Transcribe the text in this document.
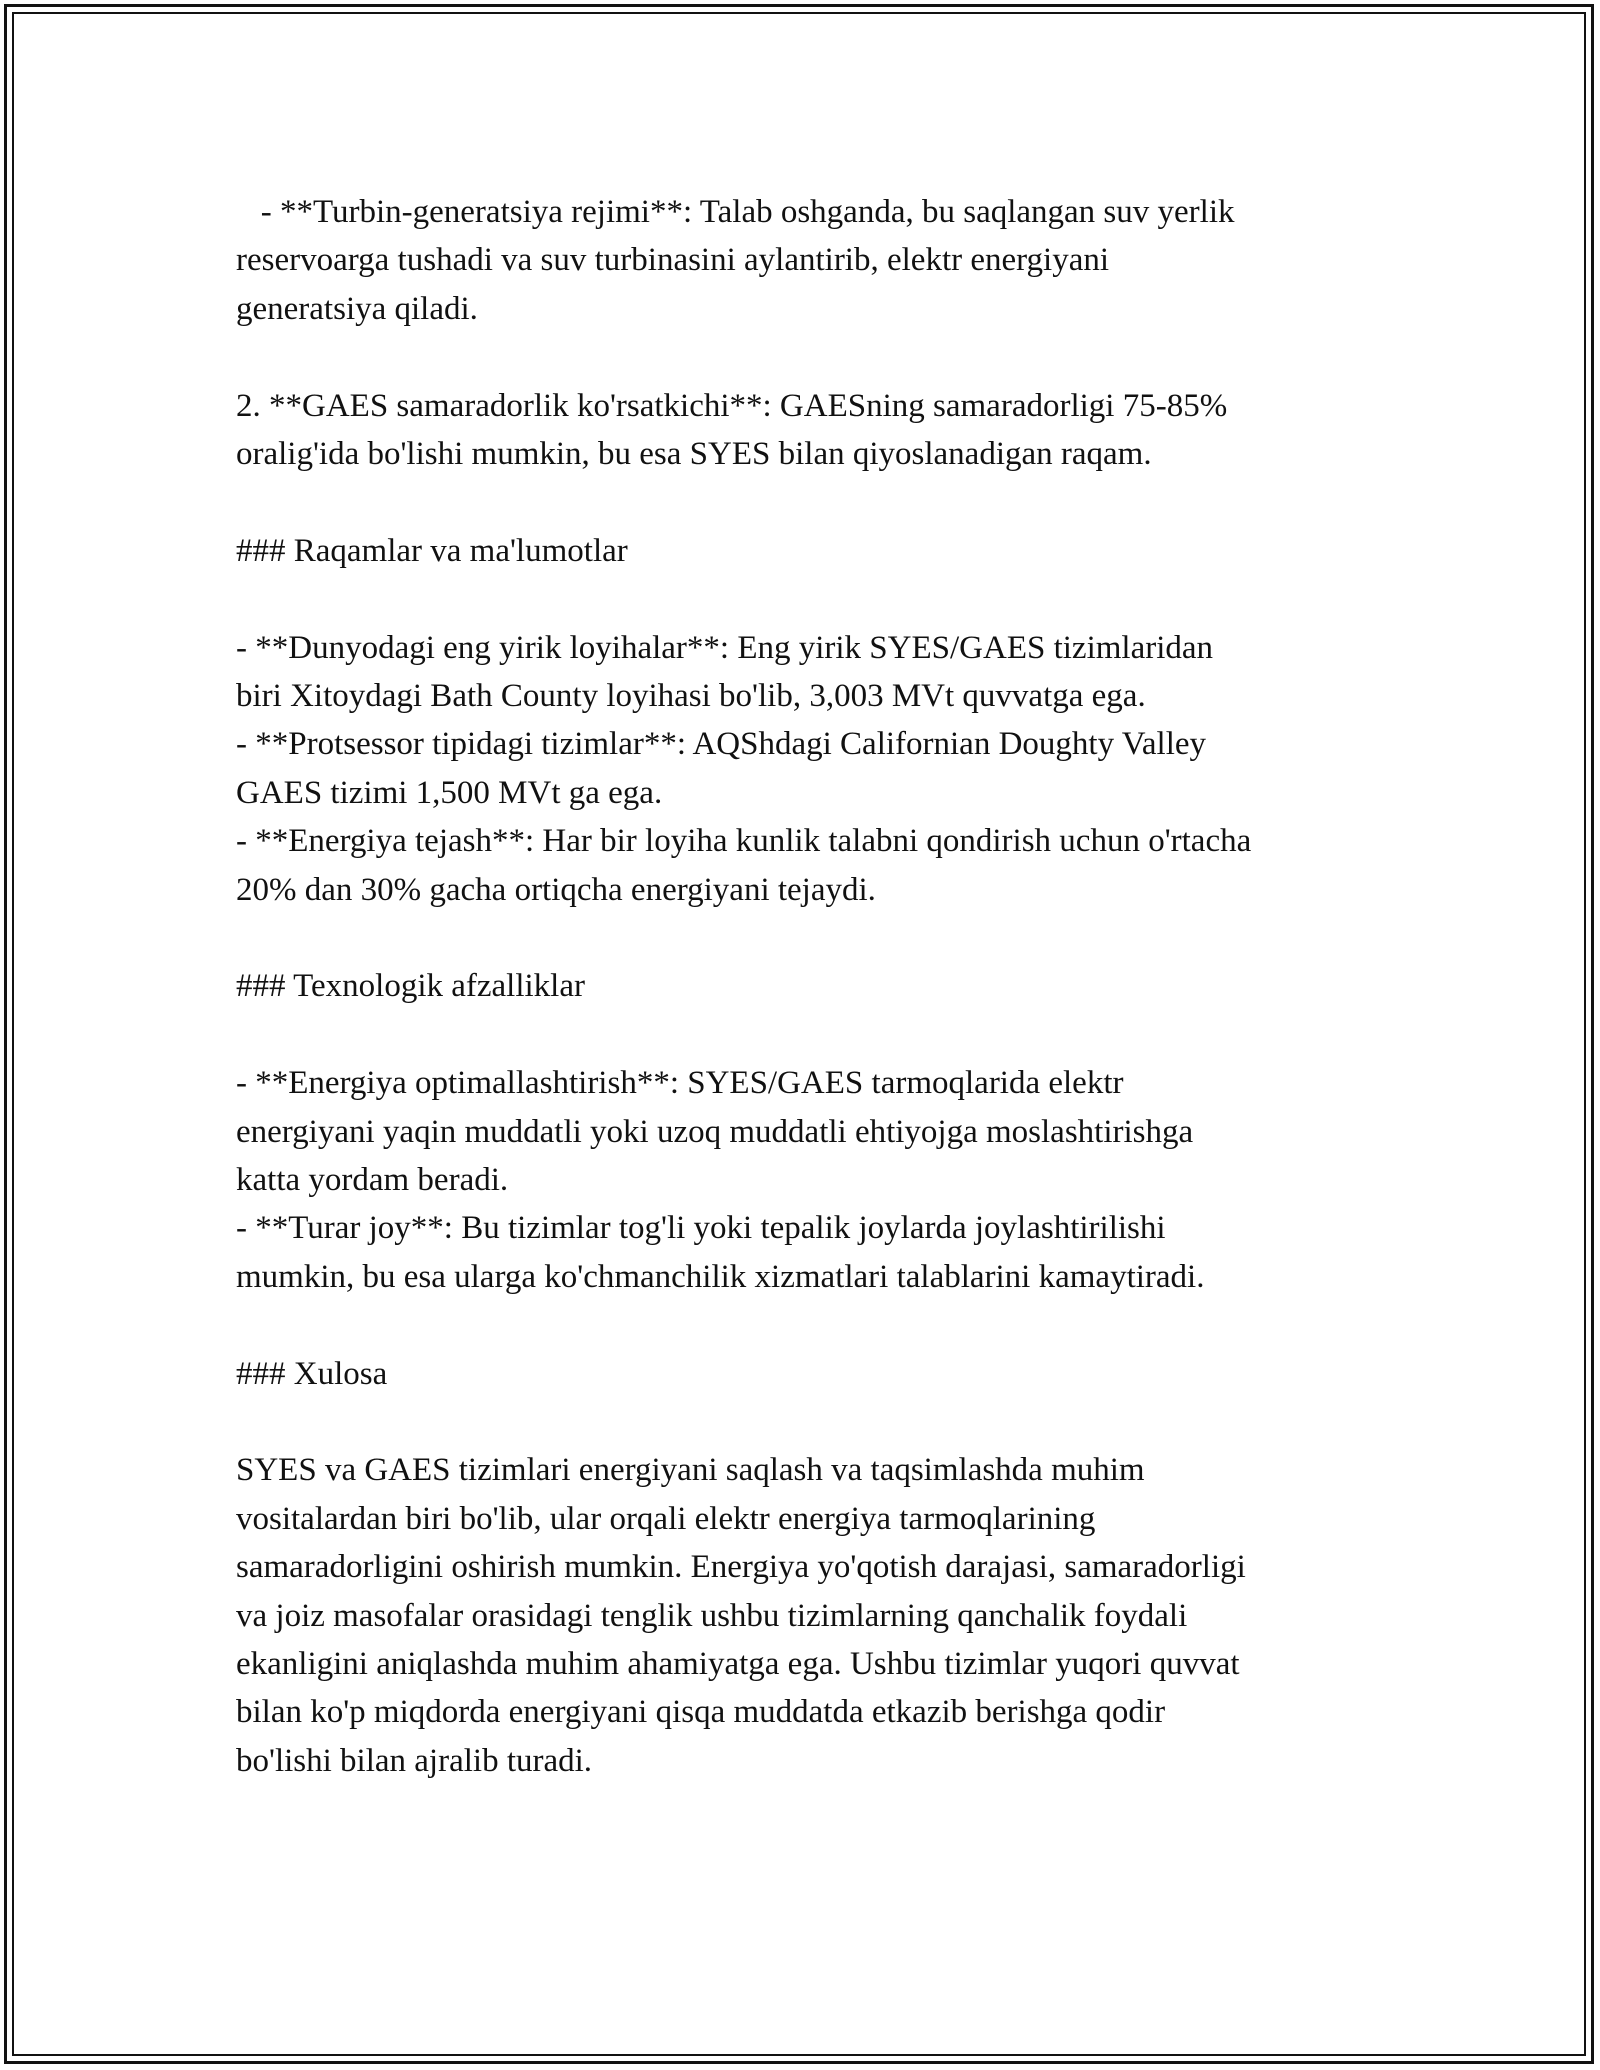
- **Turbin-generatsiya rejimi**: Talab oshganda, bu saqlangan suv yerlik
reservoarga tushadi va suv turbinasini aylantirib, elektr energiyani
generatsiya qiladi.
2. **GAES samaradorlik ko'rsatkichi**: GAESning samaradorligi 75-85%
oralig'ida bo'lishi mumkin, bu esa SYES bilan qiyoslanadigan raqam.
### Raqamlar va ma'lumotlar
- **Dunyodagi eng yirik loyihalar**: Eng yirik SYES/GAES tizimlaridan
biri Xitoydagi Bath County loyihasi bo'lib, 3,003 MVt quvvatga ega.
- **Protsessor tipidagi tizimlar**: AQShdagi Californian Doughty Valley
GAES tizimi 1,500 MVt ga ega.
- **Energiya tejash**: Har bir loyiha kunlik talabni qondirish uchun o'rtacha
20% dan 30% gacha ortiqcha energiyani tejaydi.
### Texnologik afzalliklar
- **Energiya optimallashtirish**: SYES/GAES tarmoqlarida elektr
energiyani yaqin muddatli yoki uzoq muddatli ehtiyojga moslashtirishga
katta yordam beradi.
- **Turar joy**: Bu tizimlar tog'li yoki tepalik joylarda joylashtirilishi
mumkin, bu esa ularga ko'chmanchilik xizmatlari talablarini kamaytiradi.
### Xulosa
SYES va GAES tizimlari energiyani saqlash va taqsimlashda muhim
vositalardan biri bo'lib, ular orqali elektr energiya tarmoqlarining
samaradorligini oshirish mumkin. Energiya yo'qotish darajasi, samaradorligi
va joiz masofalar orasidagi tenglik ushbu tizimlarning qanchalik foydali
ekanligini aniqlashda muhim ahamiyatga ega. Ushbu tizimlar yuqori quvvat
bilan ko'p miqdorda energiyani qisqa muddatda etkazib berishga qodir
bo'lishi bilan ajralib turadi.
